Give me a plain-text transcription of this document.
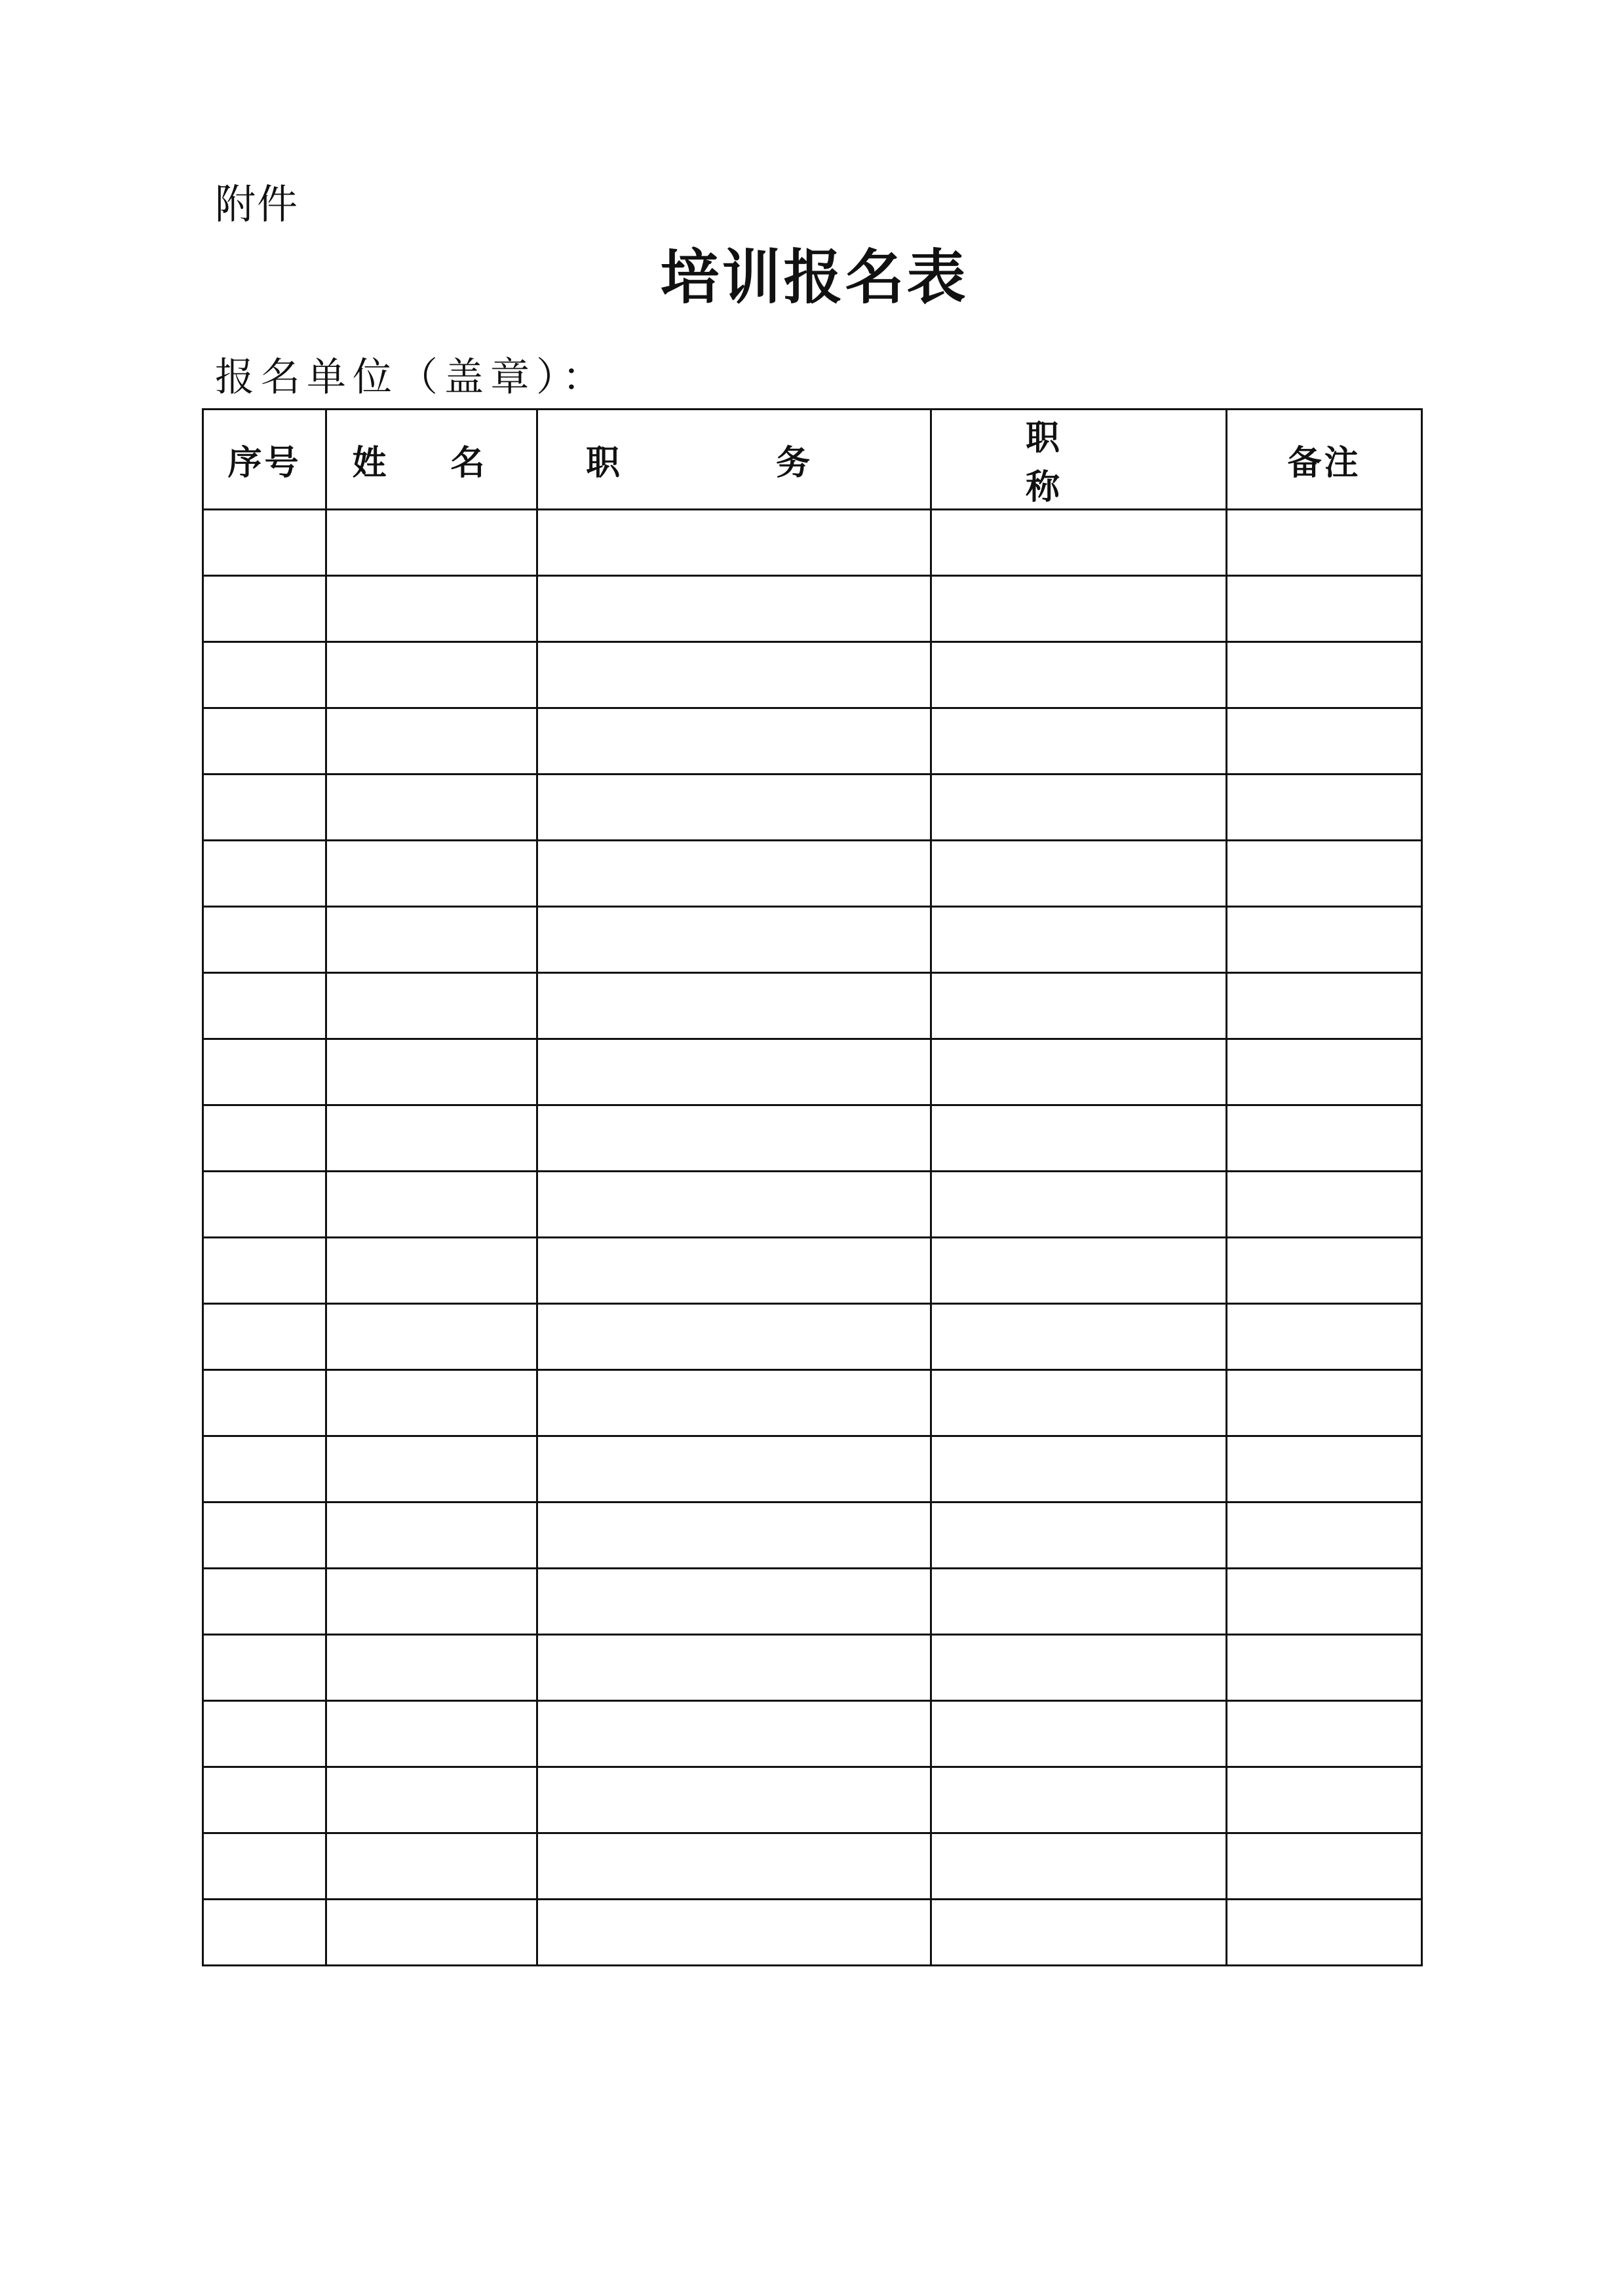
附件
培训报名表
报名单位（盖章）：
序号	姓 名	职 务	职 称	备注
